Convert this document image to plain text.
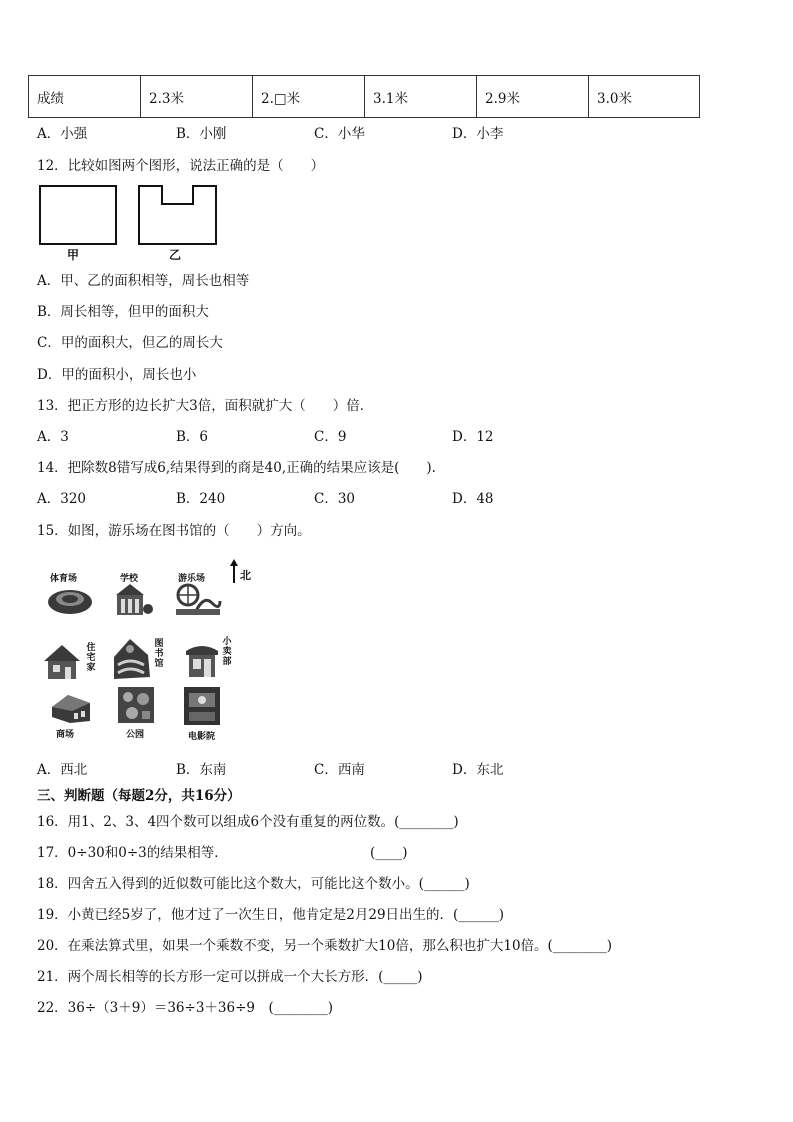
成绩	2.3米	2.□米	3.1米	2.9米	3.0米
A．小强	B．小刚	C．小华	D．小李
12．比较如图两个图形，说法正确的是（　　）
甲	乙
A．甲、乙的面积相等，周长也相等
B．周长相等，但甲的面积大
C．甲的面积大，但乙的周长大
D．甲的面积小，周长也小
13．把正方形的边长扩大3倍，面积就扩大（　　）倍．
A．3	B．6	C．9	D．12
14．把除数8错写成6,结果得到的商是40,正确的结果应该是(　　).
A．320	B．240	C．30	D．48
15．如图，游乐场在图书馆的（　　）方向。
北
体育场	学校	游乐场
住宅家
图书馆
小卖部
商场	公园	电影院
A．西北	B．东南	C．西南	D．东北
三、判断题（每题2分，共16分）
16．用1、2、3、4四个数可以组成6个没有重复的两位数。(________)
17．0÷30和0÷3的结果相等．	(____)
18．四舍五入得到的近似数可能比这个数大，可能比这个数小。(______)
19．小黄已经5岁了，他才过了一次生日，他肯定是2月29日出生的．(______)
20．在乘法算式里，如果一个乘数不变，另一个乘数扩大10倍，那么积也扩大10倍。(________)
21．两个周长相等的长方形一定可以拼成一个大长方形．(_____)
22．36÷（3＋9）＝36÷3＋36÷9　(________)
